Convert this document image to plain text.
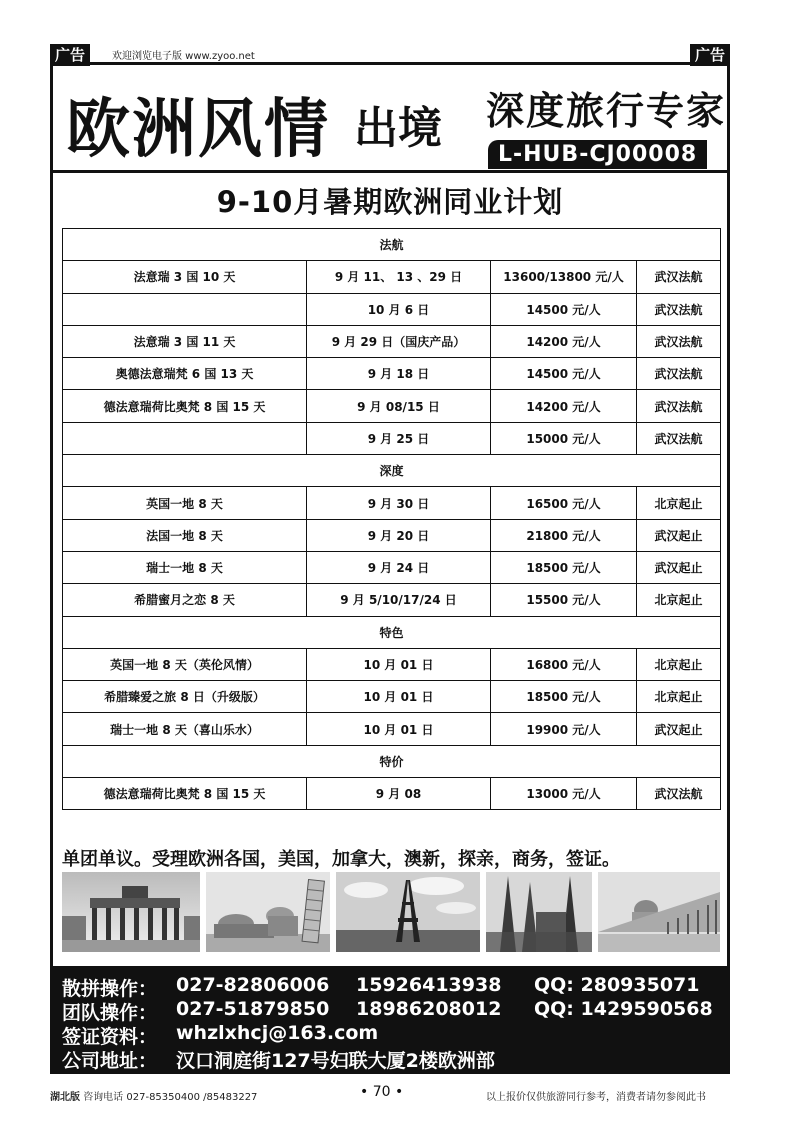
广告	欢迎浏览电子版 www.zyoo.net	广告
欧洲风情 出境 深度旅行专家
L-HUB-CJ00008
9-10月暑期欧洲同业计划
法航			
法意瑞 3 国 10 天	9 月 11、 13 、29 日	13600/13800 元/人	武汉法航
	10 月 6 日	14500 元/人	武汉法航
法意瑞 3 国 11 天	9 月 29 日（国庆产品）	14200 元/人	武汉法航
奥德法意瑞梵 6 国 13 天	9 月 18 日	14500 元/人	武汉法航
德法意瑞荷比奥梵 8 国 15 天	9 月 08/15 日	14200 元/人	武汉法航
	9 月 25 日	15000 元/人	武汉法航
深度			
英国一地 8 天	9 月 30 日	16500 元/人	北京起止
法国一地 8 天	9 月 20 日	21800 元/人	武汉起止
瑞士一地 8 天	9 月 24 日	18500 元/人	武汉起止
希腊蜜月之恋 8 天	9 月 5/10/17/24 日	15500 元/人	北京起止
特色			
英国一地 8 天（英伦风情）	10 月 01 日	16800 元/人	北京起止
希腊臻爱之旅 8 日（升级版）	10 月 01 日	18500 元/人	北京起止
瑞士一地 8 天（喜山乐水）	10 月 01 日	19900 元/人	武汉起止
特价			
德法意瑞荷比奥梵 8 国 15 天	9 月 08	13000 元/人	武汉法航
单团单议。受理欧洲各国，美国，加拿大，澳新，探亲，商务，签证。
散拼操作： 027-82806006 15926413938 QQ: 280935071
团队操作： 027-51879850 18986208012 QQ: 1429590568
签证资料： whzlxhcj@163.com
公司地址： 汉口洞庭街127号妇联大厦2楼欧洲部
湖北版 咨询电话 027-85350400 /85483227	• 70 •	以上报价仅供旅游同行参考，消费者请勿参阅此书
